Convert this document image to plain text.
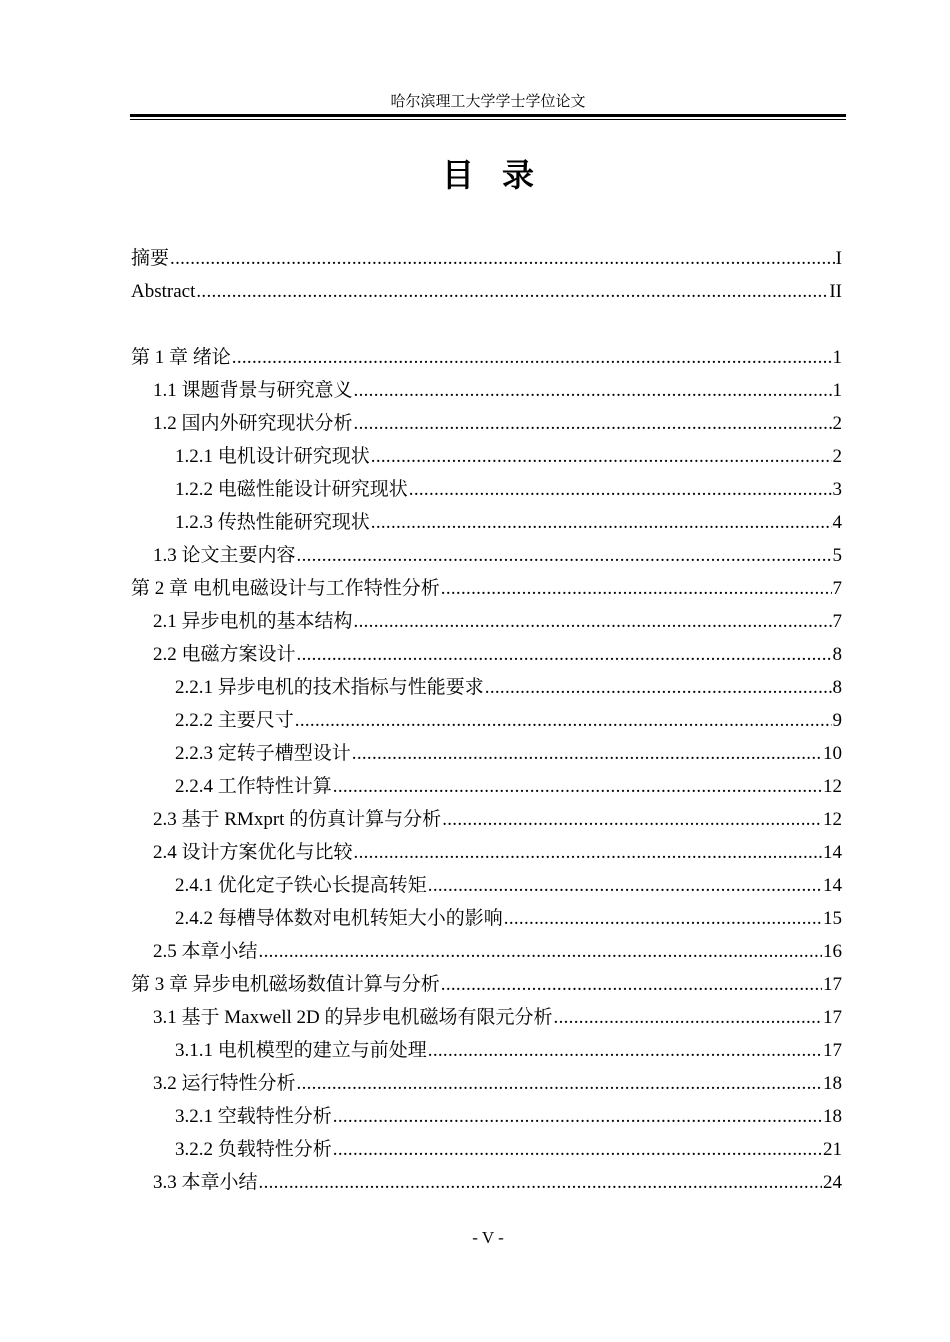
哈尔滨理工大学学士学位论文
目录
摘要 .....	I
Abstract .....	II
第 1 章 绪论 .....	1
1.1 课题背景与研究意义 .....	1
1.2 国内外研究现状分析 .....	2
1.2.1 电机设计研究现状 .....	2
1.2.2 电磁性能设计研究现状 .....	3
1.2.3 传热性能研究现状 .....	4
1.3 论文主要内容 .....	5
第 2 章 电机电磁设计与工作特性分析 .....	7
2.1 异步电机的基本结构 .....	7
2.2 电磁方案设计 .....	8
2.2.1 异步电机的技术指标与性能要求 .....	8
2.2.2 主要尺寸 .....	9
2.2.3 定转子槽型设计 .....	10
2.2.4 工作特性计算 .....	12
2.3 基于 RMxprt 的仿真计算与分析 .....	12
2.4 设计方案优化与比较 .....	14
2.4.1 优化定子铁心长提高转矩 .....	14
2.4.2 每槽导体数对电机转矩大小的影响 .....	15
2.5 本章小结 .....	16
第 3 章 异步电机磁场数值计算与分析 .....	17
3.1 基于 Maxwell 2D 的异步电机磁场有限元分析 .....	17
3.1.1 电机模型的建立与前处理 .....	17
3.2 运行特性分析 .....	18
3.2.1 空载特性分析 .....	18
3.2.2 负载特性分析 .....	21
3.3 本章小结 .....	24
- V -
